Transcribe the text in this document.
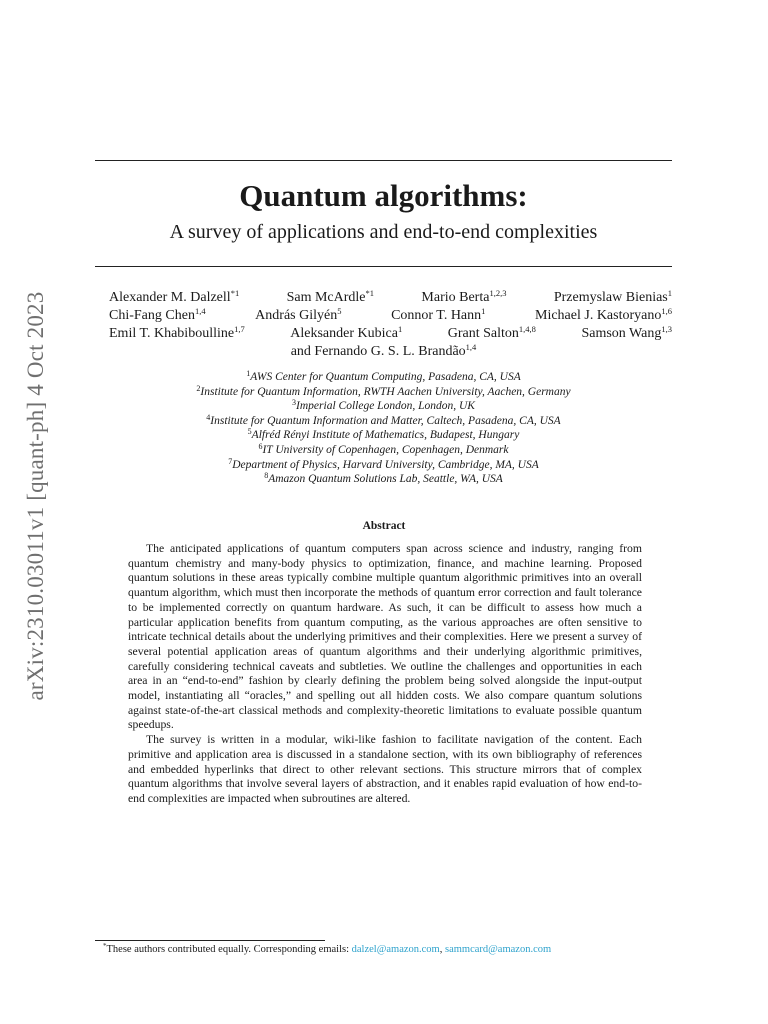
arXiv:2310.03011v1 [quant-ph] 4 Oct 2023
Quantum algorithms:
A survey of applications and end-to-end complexities
Alexander M. Dalzell$^{*1}$	Sam McArdle$^{*1}$	Mario Berta$^{1,2,3}$	Przemyslaw Bienias$^1$
Chi-Fang Chen$^{1,4}$	András Gilyén$^5$	Connor T. Hann$^1$	Michael J. Kastoryano$^{1,6}$
Emil T. Khabiboulline$^{1,7}$	Aleksander Kubica$^1$	Grant Salton$^{1,4,8}$	Samson Wang$^{1,3}$
and Fernando G. S. L. Brandão$^{1,4}$
$^1$AWS Center for Quantum Computing, Pasadena, CA, USA
$^2$Institute for Quantum Information, RWTH Aachen University, Aachen, Germany
$^3$Imperial College London, London, UK
$^4$Institute for Quantum Information and Matter, Caltech, Pasadena, CA, USA
$^5$Alfréd Rényi Institute of Mathematics, Budapest, Hungary
$^6$IT University of Copenhagen, Copenhagen, Denmark
$^7$Department of Physics, Harvard University, Cambridge, MA, USA
$^8$Amazon Quantum Solutions Lab, Seattle, WA, USA
Abstract

The anticipated applications of quantum computers span across science and industry, ranging from quantum chemistry and many-body physics to optimization, finance, and machine learning. Proposed quantum solutions in these areas typically combine multiple quantum algorithmic primitives into an overall quantum algorithm, which must then incorporate the methods of quantum error correction and fault tolerance to be implemented correctly on quantum hardware. As such, it can be difficult to assess how much a particular application benefits from quantum computing, as the various approaches are often sensitive to intricate technical details about the underlying primitives and their complexities. Here we present a survey of several potential application areas of quantum algorithms and their underlying algorithmic primitives, carefully considering technical caveats and subtleties. We outline the challenges and opportunities in each area in an “end-to-end” fashion by clearly defining the problem being solved alongside the input-output model, instantiating all “oracles,” and spelling out all hidden costs. We also compare quantum solutions against state-of-the-art classical methods and complexity-theoretic limitations to evaluate possible quantum speedups.

The survey is written in a modular, wiki-like fashion to facilitate navigation of the content. Each primitive and application area is discussed in a standalone section, with its own bibliography of references and embedded hyperlinks that direct to other relevant sections. This structure mirrors that of complex quantum algorithms that involve several layers of abstraction, and it enables rapid evaluation of how end-to-end complexities are impacted when subroutines are altered.

*These authors contributed equally. Corresponding emails: dalzel@amazon.com, sammcard@amazon.com
